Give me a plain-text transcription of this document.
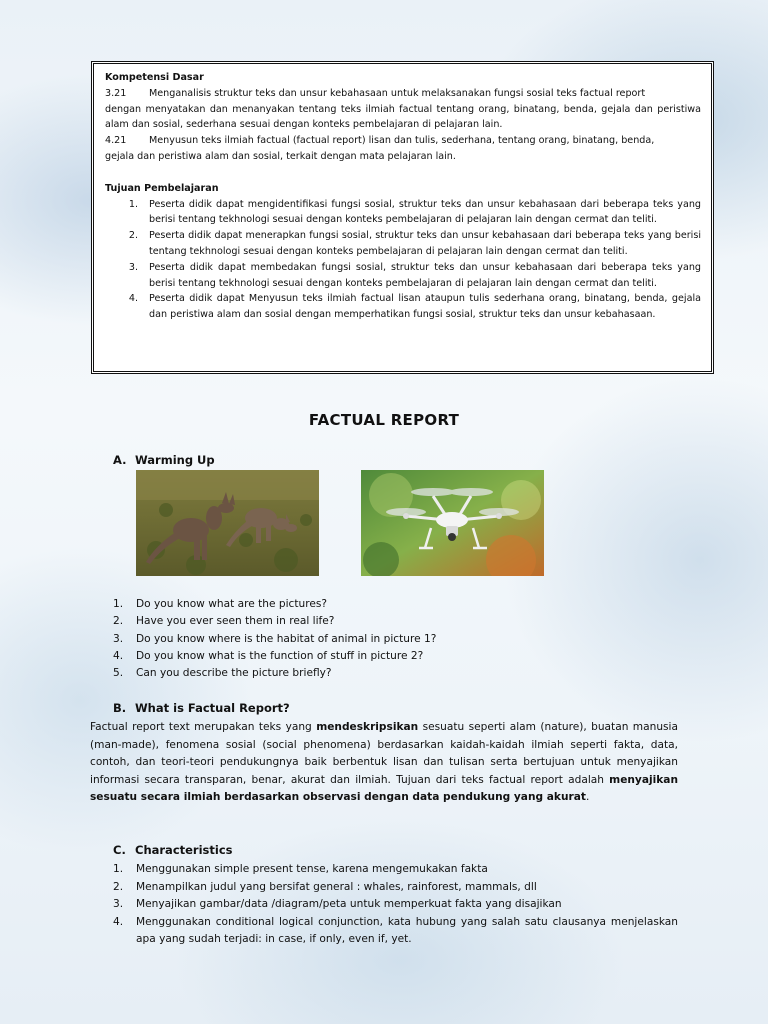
Kompetensi Dasar
3.21	Menganalisis struktur teks dan unsur kebahasaan untuk melaksanakan fungsi sosial teks factual report
dengan menyatakan dan menanyakan tentang teks ilmiah factual tentang orang, binatang, benda, gejala dan peristiwa alam dan sosial, sederhana sesuai dengan konteks pembelajaran di pelajaran lain.
4.21	Menyusun teks ilmiah factual (factual report) lisan dan tulis, sederhana, tentang orang, binatang, benda,
gejala dan peristiwa alam dan sosial, terkait dengan mata pelajaran lain.
Tujuan Pembelajaran
1.	Peserta didik dapat mengidentifikasi fungsi sosial, struktur teks dan unsur kebahasaan dari beberapa teks yang berisi tentang tekhnologi sesuai dengan konteks pembelajaran di pelajaran lain dengan cermat dan teliti.
2.	Peserta didik dapat menerapkan fungsi sosial, struktur teks dan unsur kebahasaan dari beberapa teks yang berisi tentang tekhnologi sesuai dengan konteks pembelajaran di pelajaran lain dengan cermat dan teliti.
3.	Peserta didik dapat membedakan fungsi sosial, struktur teks dan unsur kebahasaan dari beberapa teks yang berisi tentang tekhnologi sesuai dengan konteks pembelajaran di pelajaran lain dengan cermat dan teliti.
4.	Peserta didik dapat Menyusun teks ilmiah factual lisan ataupun tulis sederhana orang, binatang, benda, gejala dan peristiwa alam dan sosial dengan memperhatikan fungsi sosial, struktur teks dan unsur kebahasaan.
FACTUAL REPORT
A. Warming Up
1.	Do you know what are the pictures?
2.	Have you ever seen them in real life?
3.	Do you know where is the habitat of animal in picture 1?
4.	Do you know what is the function of stuff in picture 2?
5.	Can you describe the picture briefly?
B. What is Factual Report?
Factual report text merupakan teks yang mendeskripsikan sesuatu seperti alam (nature), buatan manusia (man-made), fenomena sosial (social phenomena) berdasarkan kaidah-kaidah ilmiah seperti fakta, data, contoh, dan teori-teori pendukungnya baik berbentuk lisan dan tulisan serta bertujuan untuk menyajikan informasi secara transparan, benar, akurat dan ilmiah. Tujuan dari teks factual report adalah menyajikan sesuatu secara ilmiah berdasarkan observasi dengan data pendukung yang akurat.
C. Characteristics
1.	Menggunakan simple present tense, karena mengemukakan fakta
2.	Menampilkan judul yang bersifat general : whales, rainforest, mammals, dll
3.	Menyajikan gambar/data /diagram/peta untuk memperkuat fakta yang disajikan
4.	Menggunakan conditional logical conjunction, kata hubung yang salah satu clausanya menjelaskan apa yang sudah terjadi: in case, if only, even if, yet.
